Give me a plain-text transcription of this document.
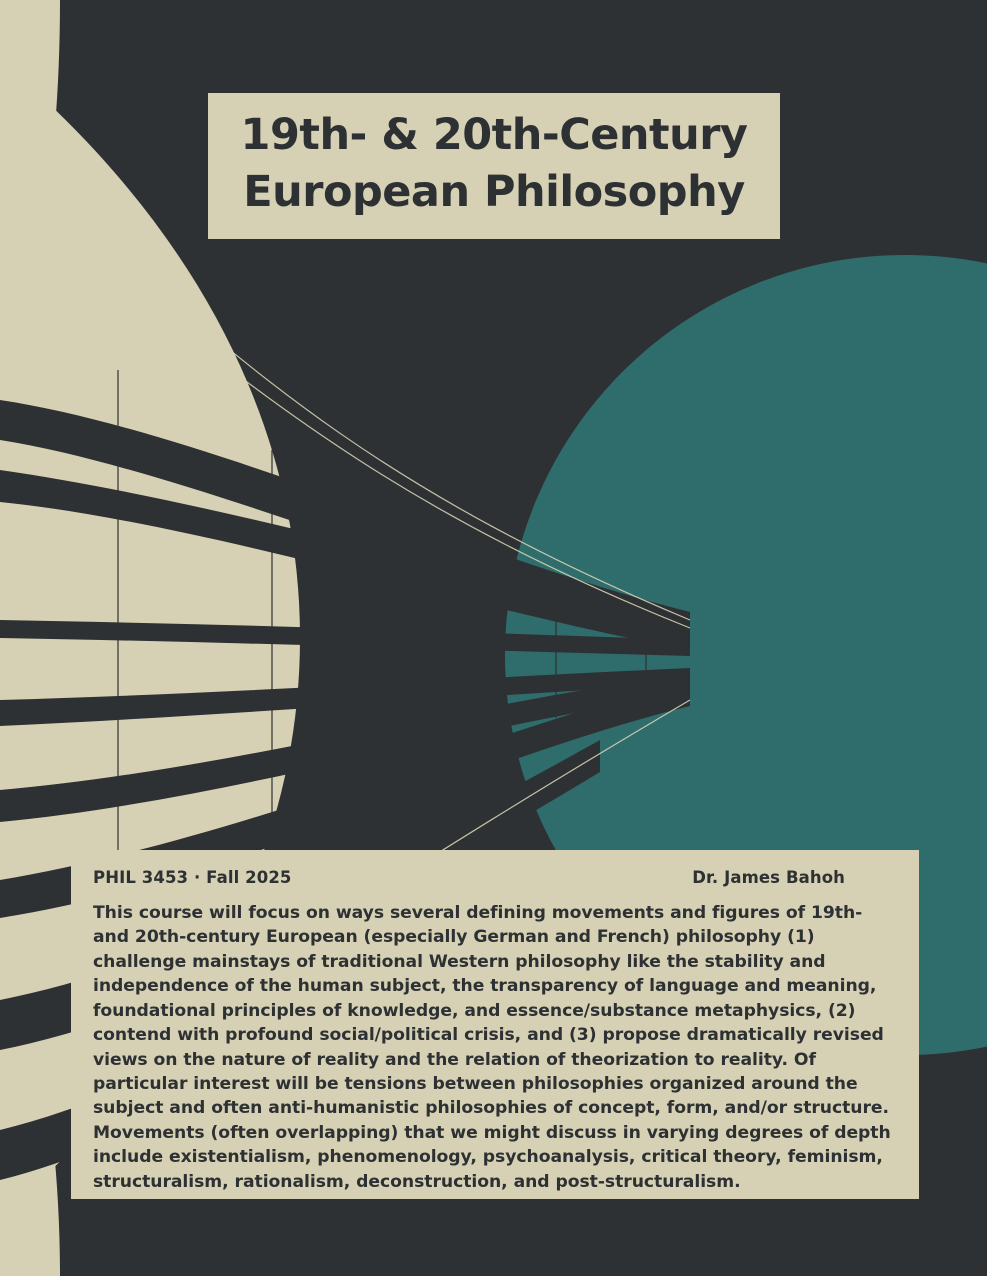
19th- & 20th-Century
European Philosophy
PHIL 3453 · Fall 2025	Dr. James Bahoh
This course will focus on ways several defining movements and figures of 19th- and 20th-century European (especially German and French) philosophy (1) challenge mainstays of traditional Western philosophy like the stability and independence of the human subject, the transparency of language and meaning, foundational principles of knowledge, and essence/substance metaphysics, (2) contend with profound social/political crisis, and (3) propose dramatically revised views on the nature of reality and the relation of theorization to reality. Of particular interest will be tensions between philosophies organized around the subject and often anti-humanistic philosophies of concept, form, and/or structure. Movements (often overlapping) that we might discuss in varying degrees of depth include existentialism, phenomenology, psychoanalysis, critical theory, feminism, structuralism, rationalism, deconstruction, and post-structuralism.
